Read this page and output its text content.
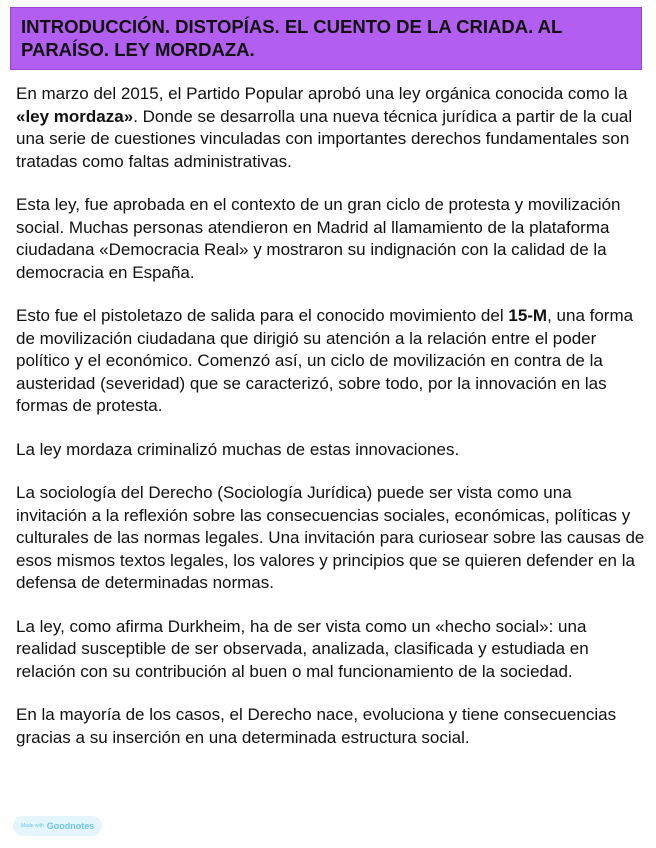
INTRODUCCIÓN. DISTOPÍAS. EL CUENTO DE LA CRIADA. AL PARAÍSO. LEY MORDAZA.

En marzo del 2015, el Partido Popular aprobó una ley orgánica conocida como la «ley mordaza». Donde se desarrolla una nueva técnica jurídica a partir de la cual una serie de cuestiones vinculadas con importantes derechos fundamentales son tratadas como faltas administrativas.

Esta ley, fue aprobada en el contexto de un gran ciclo de protesta y movilización social. Muchas personas atendieron en Madrid al llamamiento de la plataforma ciudadana «Democracia Real» y mostraron su indignación con la calidad de la democracia en España.

Esto fue el pistoletazo de salida para el conocido movimiento del 15-M, una forma de movilización ciudadana que dirigió su atención a la relación entre el poder político y el económico. Comenzó así, un ciclo de movilización en contra de la austeridad (severidad) que se caracterizó, sobre todo, por la innovación en las formas de protesta.

La ley mordaza criminalizó muchas de estas innovaciones.

La sociología del Derecho (Sociología Jurídica) puede ser vista como una invitación a la reflexión sobre las consecuencias sociales, económicas, políticas y culturales de las normas legales. Una invitación para curiosear sobre las causas de esos mismos textos legales, los valores y principios que se quieren defender en la defensa de determinadas normas.

La ley, como afirma Durkheim, ha de ser vista como un «hecho social»: una realidad susceptible de ser observada, analizada, clasificada y estudiada en relación con su contribución al buen o mal funcionamiento de la sociedad.

En la mayoría de los casos, el Derecho nace, evoluciona y tiene consecuencias gracias a su inserción en una determinada estructura social.

Made with Goodnotes
